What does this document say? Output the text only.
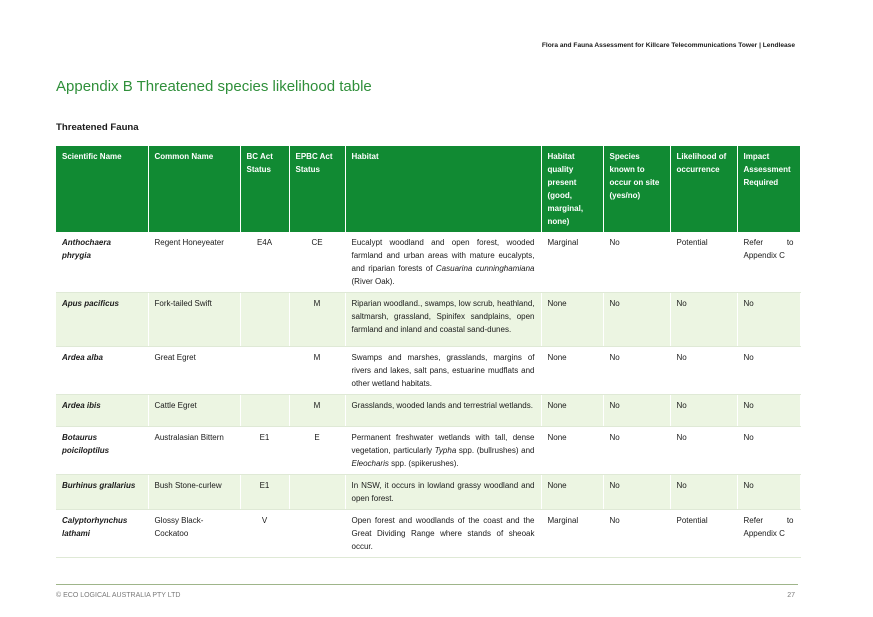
Flora and Fauna Assessment for Killcare Telecommunications Tower | Lendlease
Appendix B Threatened species likelihood table
Threatened Fauna
Scientific Name	Common Name	BC Act Status	EPBC Act Status	Habitat	Habitat quality present (good, marginal, none)	Species known to occur on site (yes/no)	Likelihood of occurrence	Impact Assessment Required
Anthochaera phrygia	Regent Honeyeater	E4A	CE	Eucalypt woodland and open forest, wooded farmland and urban areas with mature eucalypts, and riparian forests of Casuarina cunninghamiana (River Oak).	Marginal	No	Potential	Refer to Appendix C
Apus pacificus	Fork-tailed Swift		M	Riparian woodland., swamps, low scrub, heathland, saltmarsh, grassland, Spinifex sandplains, open farmland and inland and coastal sand-dunes.	None	No	No	No
Ardea alba	Great Egret		M	Swamps and marshes, grasslands, margins of rivers and lakes, salt pans, estuarine mudflats and other wetland habitats.	None	No	No	No
Ardea ibis	Cattle Egret		M	Grasslands, wooded lands and terrestrial wetlands.	None	No	No	No
Botaurus poiciloptilus	Australasian Bittern	E1	E	Permanent freshwater wetlands with tall, dense vegetation, particularly Typha spp. (bullrushes) and Eleocharis spp. (spikerushes).	None	No	No	No
Burhinus grallarius	Bush Stone-curlew	E1		In NSW, it occurs in lowland grassy woodland and open forest.	None	No	No	No
Calyptorhynchus lathami	Glossy Black-Cockatoo	V		Open forest and woodlands of the coast and the Great Dividing Range where stands of sheoak occur.	Marginal	No	Potential	Refer to Appendix C
© ECO LOGICAL AUSTRALIA PTY LTD	27
